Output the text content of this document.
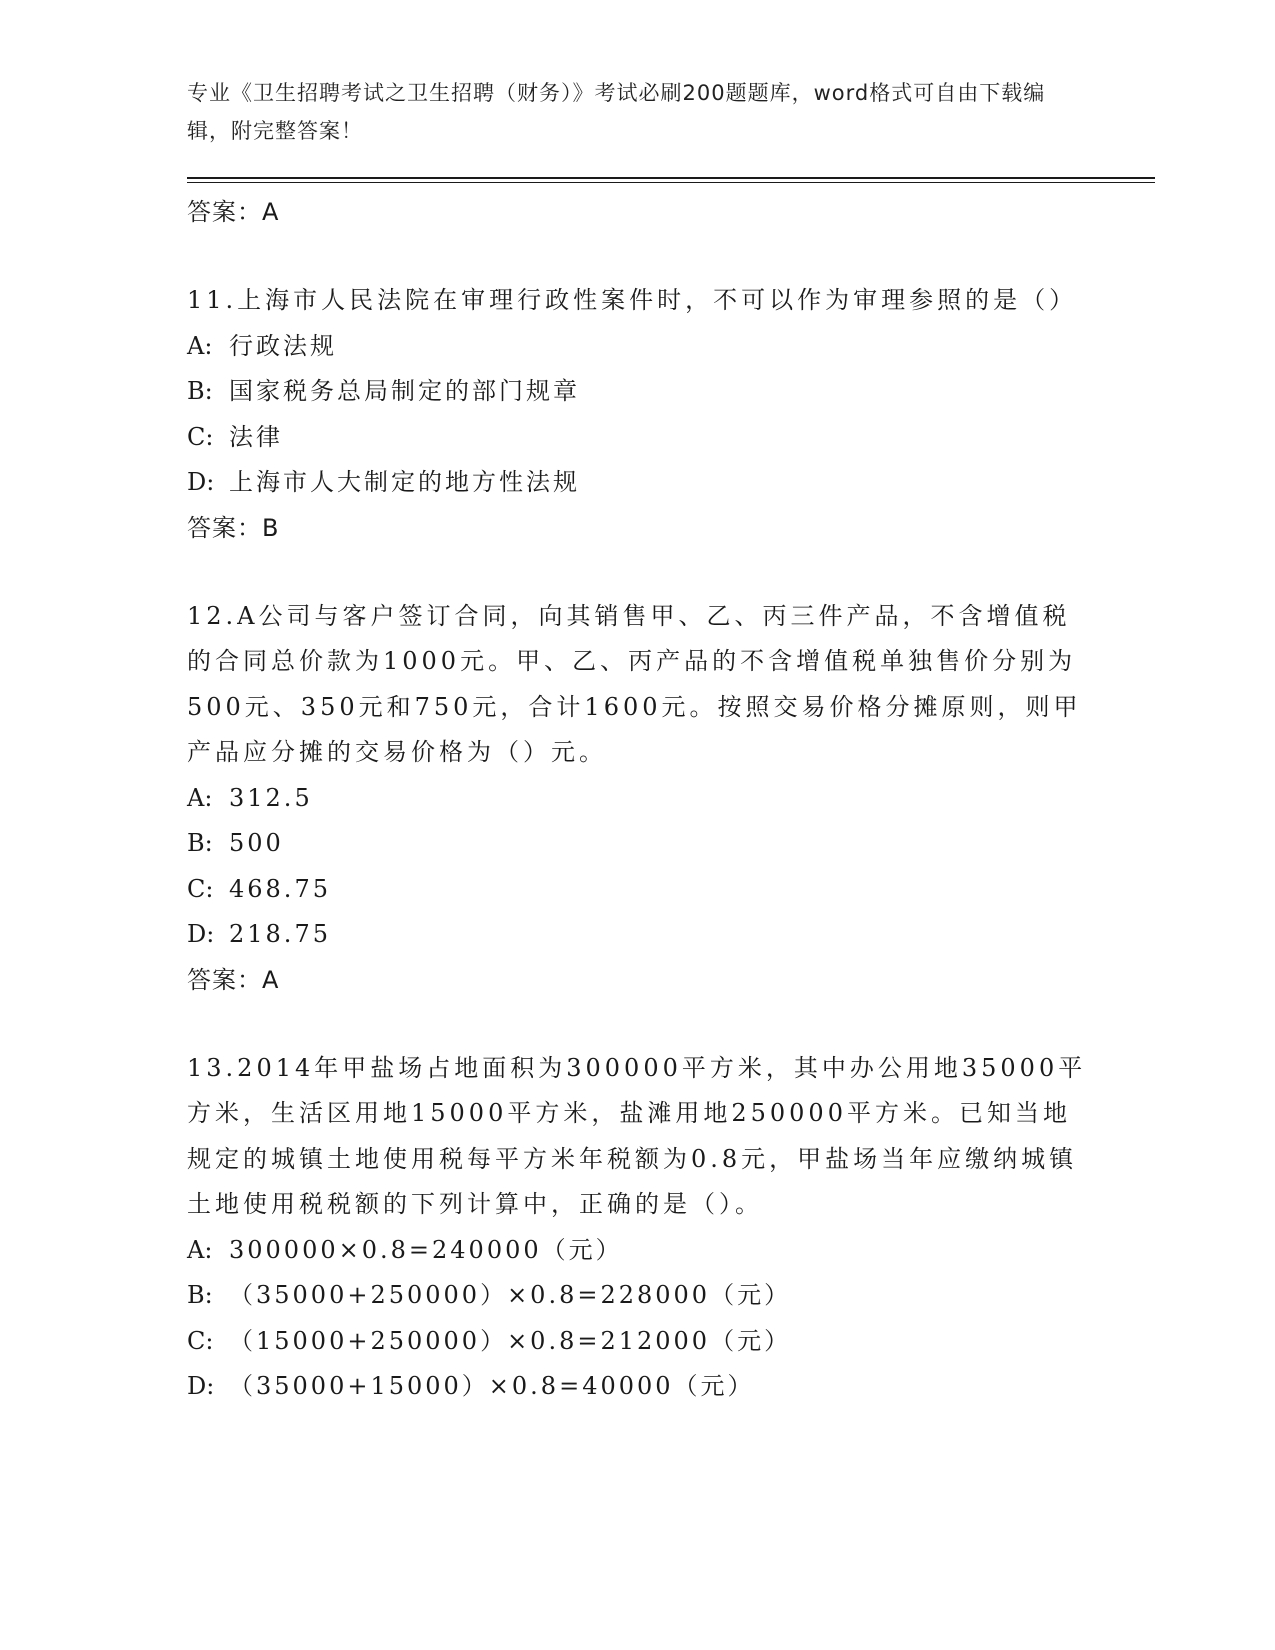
专业《卫生招聘考试之卫生招聘（财务）》考试必刷200题题库，word格式可自由下载编辑，附完整答案！
答案：A

11.上海市人民法院在审理行政性案件时，不可以作为审理参照的是（）

A: 行政法规
B: 国家税务总局制定的部门规章
C: 法律
D: 上海市人大制定的地方性法规
答案：B

12.A公司与客户签订合同，向其销售甲、乙、丙三件产品，不含增值税的合同总价款为1000元。甲、乙、丙产品的不含增值税单独售价分别为500元、350元和750元，合计1600元。按照交易价格分摊原则，则甲产品应分摊的交易价格为（）元。

A: 312.5
B: 500
C: 468.75
D: 218.75
答案：A

13.2014年甲盐场占地面积为300000平方米，其中办公用地35000平方米，生活区用地15000平方米，盐滩用地250000平方米。已知当地规定的城镇土地使用税每平方米年税额为0.8元，甲盐场当年应缴纳城镇土地使用税税额的下列计算中，正确的是（）。

A: 300000×0.8=240000（元）
B: （35000+250000）×0.8=228000（元）
C: （15000+250000）×0.8=212000（元）
D: （35000+15000）×0.8=40000（元）
